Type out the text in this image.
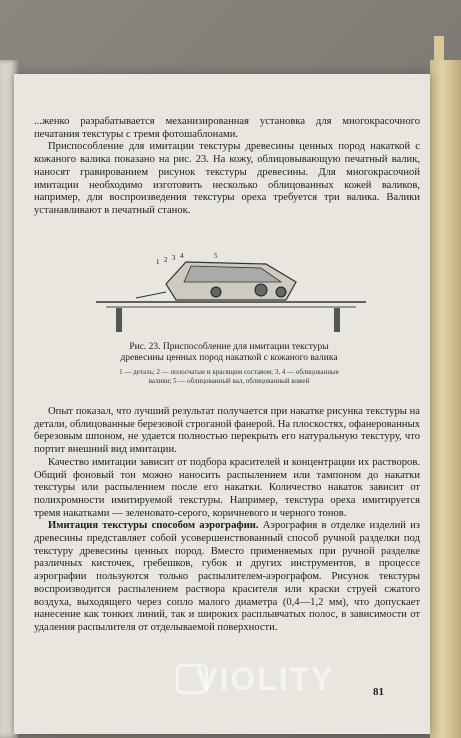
...женко разрабатывается механизированная установка для многокрасочного печатания текстуры с тремя фотошаблонами.

Приспособление для имитации текстуры древесины ценных пород накаткой с кожаного валика показано на рис. 23. На кожу, облицовывающую печатный валик, наносят гравированием рисунок текстуры древесины. Для многокрасочной имитации необходимо изготовить несколько облицованных кожей валиков, например, для воспроизведения текстуры ореха требуется три валика. Валики устанавливают в печатный станок.

1 2 3 4	5
Рис. 23. Приспособление для имитации текстуры древесины ценных пород накаткой с кожаного валика
1 — деталь; 2 — полосчатые и красящим составом; 3, 4 — облицованные валики; 5 — облицованный вал, облицованный кожей

Опыт показал, что лучший результат получается при накатке рисунка текстуры на детали, облицованные березовой строганой фанерой. На плоскостях, офанерованных березовым шпоном, не удается полностью перекрыть его натуральную текстуру, что портит внешний вид имитации.

Качество имитации зависит от подбора красителей и концентрации их растворов. Общий фоновый тон можно наносить распылением или тампоном до накатки текстуры или распылением после его накатки. Количество накаток зависит от полихромности имитируемой текстуры. Например, текстура ореха имитируется тремя накатками — зеленовато-серого, коричневого и черного тонов.

Имитация текстуры способом аэрографии. Аэрография в отделке изделий из древесины представляет собой усовершенствованный способ ручной разделки под текстуру древесины ценных пород. Вместо применяемых при ручной разделке различных кисточек, гребешков, губок и других инструментов, в процессе аэрографии пользуются только распылителем-аэрографом. Рисунок текстуры воспроизводится распылением раствора красителя или краски струей сжатого воздуха, выходящего через сопло малого диаметра (0,4—1,2 мм), что допускает нанесение как тонких линий, так и широких расплывчатых полос, в зависимости от удаления распылителя от отделываемой поверхности.

81
VIOLITY
